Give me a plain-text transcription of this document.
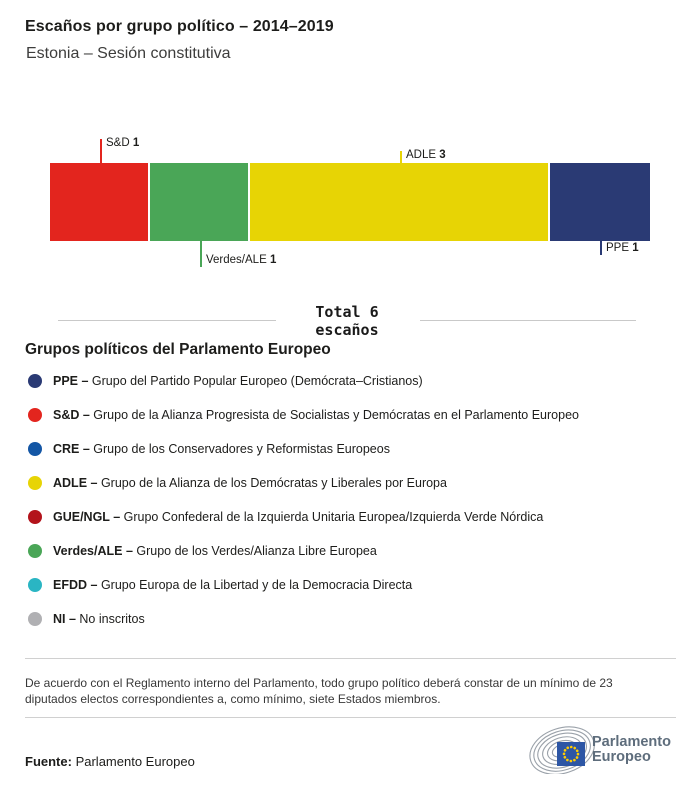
Escaños por grupo político – 2014–2019
Estonia – Sesión constitutiva
Total 6
escaños
Grupos políticos del Parlamento Europeo
PPE – Grupo del Partido Popular Europeo (Demócrata–Cristianos)
S&D – Grupo de la Alianza Progresista de Socialistas y Demócratas en el Parlamento Europeo
CRE – Grupo de los Conservadores y Reformistas Europeos
ADLE – Grupo de la Alianza de los Demócratas y Liberales por Europa
GUE/NGL – Grupo Confederal de la Izquierda Unitaria Europea/Izquierda Verde Nórdica
Verdes/ALE – Grupo de los Verdes/Alianza Libre Europea
EFDD – Grupo Europa de la Libertad y de la Democracia Directa
NI – No inscritos
De acuerdo con el Reglamento interno del Parlamento, todo grupo político deberá constar de un mínimo de 23
diputados electos correspondientes a, como mínimo, siete Estados miembros.
Fuente: Parlamento Europeo
Parlamento
Europeo
S&D 1
Verdes/ALE 1
ADLE 3
PPE 1
